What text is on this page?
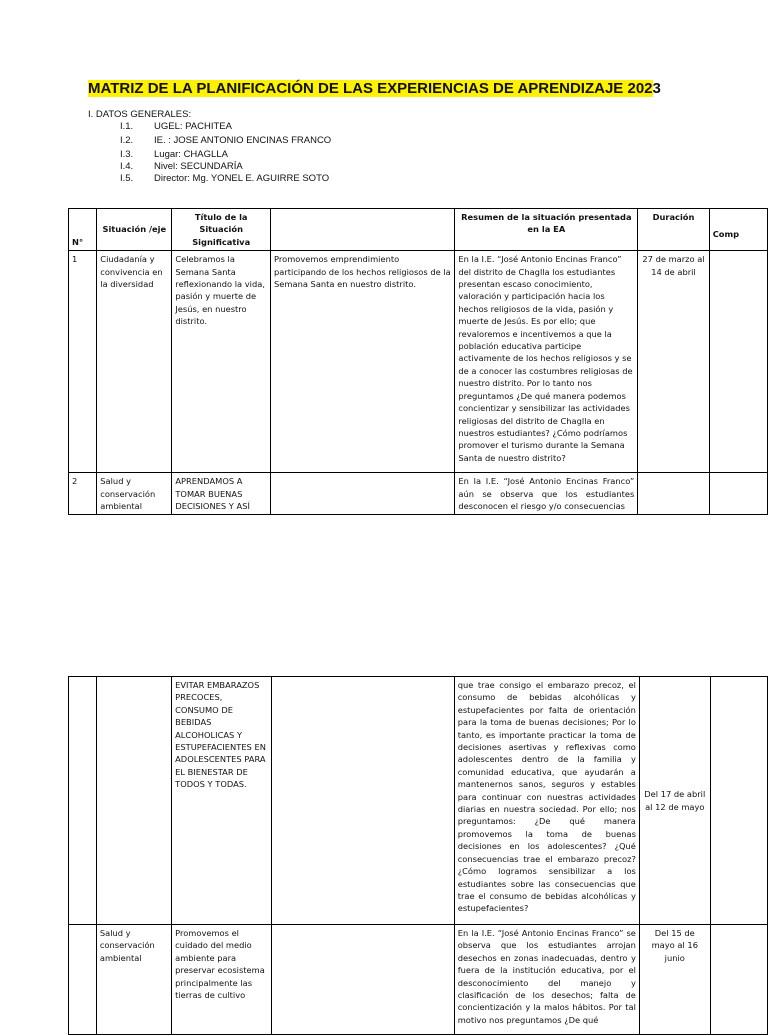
MATRIZ DE LA PLANIFICACIÓN DE LAS EXPERIENCIAS DE APRENDIZAJE 2023
I. DATOS GENERALES:
I.1. UGEL: PACHITEA
I.2. IE. : JOSE ANTONIO ENCINAS FRANCO
I.3. Lugar: CHAGLLA
I.4. Nivel: SECUNDARÍA
I.5. Director: Mg. YONEL E. AGUIRRE SOTO
N°	Situación /eje	Título de la Situación Significativa		Resumen de la situación presentada en la EA	Duración	Comp
1	Ciudadanía y convivencia en la diversidad	Celebramos la Semana Santa reflexionando la vida, pasión y muerte de Jesús, en nuestro distrito.	Promovemos emprendimiento participando de los hechos religiosos de la Semana Santa en nuestro distrito.	En la I.E. “José Antonio Encinas Franco” del distrito de Chaglla los estudiantes presentan escaso conocimiento, valoración y participación hacia los hechos religiosos de la vida, pasión y muerte de Jesús. Es por ello; que revaloremos e incentivemos a que la población educativa participe activamente de los hechos religiosos y se de a conocer las costumbres religiosas de nuestro distrito. Por lo tanto nos preguntamos ¿De qué manera podemos concientizar y sensibilizar las actividades religiosas del distrito de Chaglla en nuestros estudiantes? ¿Cómo podríamos promover el turismo durante la Semana Santa de nuestro distrito?	27 de marzo al 14 de abril	
2	Salud y conservación ambiental	APRENDAMOS A TOMAR BUENAS DECISIONES Y ASÍ		En la I.E. “José Antonio Encinas Franco” aún se observa que los estudiantes desconocen el riesgo y/o consecuencias		
		EVITAR EMBARAZOS PRECOCES, CONSUMO DE BEBIDAS ALCOHOLICAS Y ESTUPEFACIENTES EN ADOLESCENTES PARA EL BIENESTAR DE TODOS Y TODAS.		que trae consigo el embarazo precoz, el consumo de bebidas alcohólicas y estupefacientes por falta de orientación para la toma de buenas decisiones; Por lo tanto, es importante practicar la toma de decisiones asertivas y reflexivas como adolescentes dentro de la familia y comunidad educativa, que ayudarán a mantenernos sanos, seguros y estables para continuar con nuestras actividades diarias en nuestra sociedad. Por ello; nos preguntamos: ¿De qué manera promovemos la toma de buenas decisiones en los adolescentes? ¿Qué consecuencias trae el embarazo precoz? ¿Cómo logramos sensibilizar a los estudiantes sobre las consecuencias que trae el consumo de bebidas alcohólicas y estupefacientes?	Del 17 de abril al 12 de mayo	
	Salud y conservación ambiental	Promovemos el cuidado del medio ambiente para preservar ecosistema principalmente las tierras de cultivo		En la I.E. “José Antonio Encinas Franco” se observa que los estudiantes arrojan desechos en zonas inadecuadas, dentro y fuera de la institución educativa, por el desconocimiento del manejo y clasificación de los desechos; falta de concientización y la malos hábitos. Por tal motivo nos preguntamos ¿De qué	Del 15 de mayo al 16 junio	
